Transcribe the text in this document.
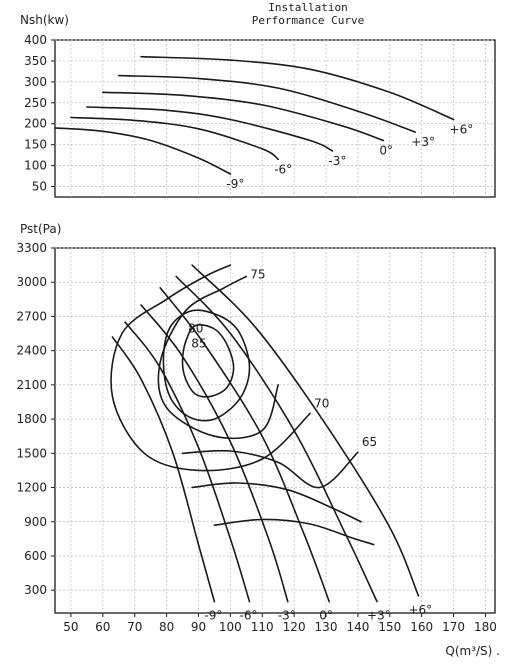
Installation
Performance Curve
Nsh(kw)
50
100
150
200
250
300
350
400
-9°
-6°
-3°
0°
+3°
+6°
Pst(Pa)
300
600
900
1200
1500
1800
2100
2400
2700
3000
3300
50 60 70 80 90 100 110 120 130 140 150 160 170 180
85
80
75
70
65
-9° -6° -3° 0°	+3° +6°
Q(m³/S) .
